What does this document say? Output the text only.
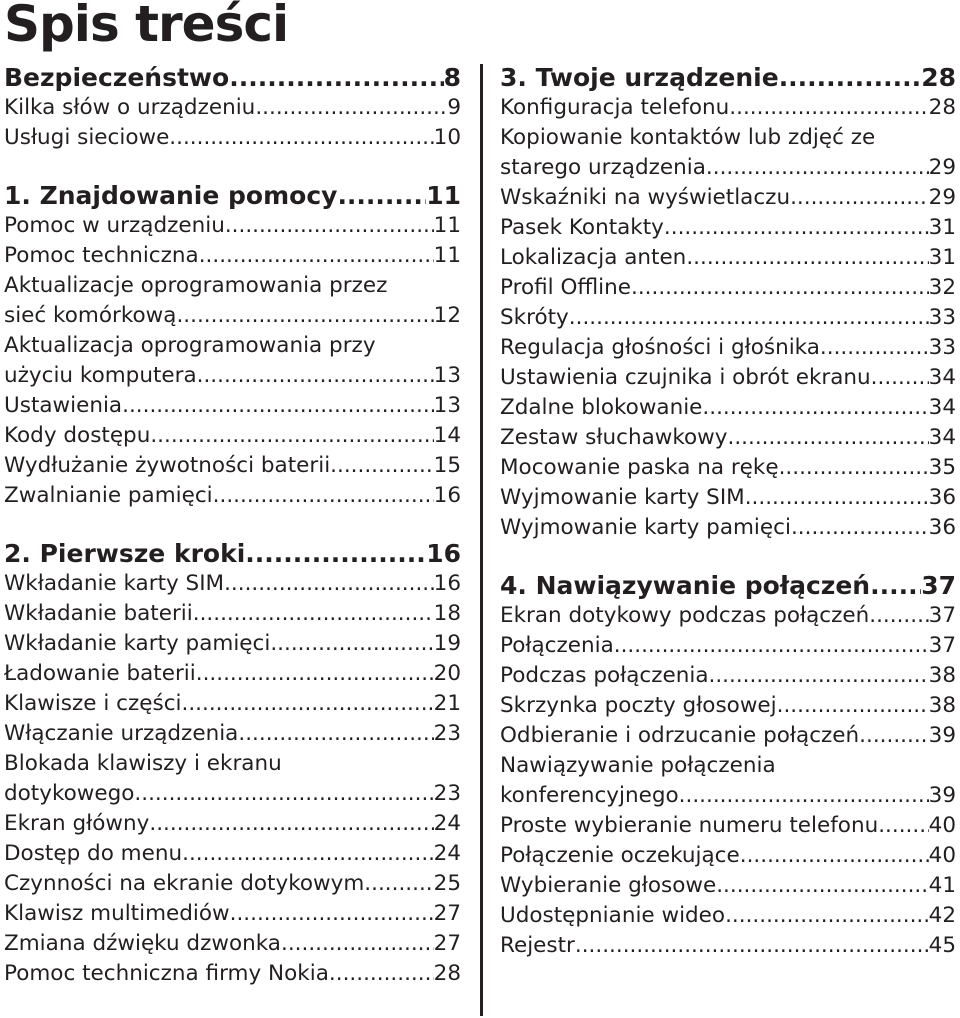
Spis treści
Bezpieczeństwo .....	8
Kilka słów o urządzeniu .....	9
Usługi sieciowe .....	10
1. Znajdowanie pomocy .....	11
Pomoc w urządzeniu .....	11
Pomoc techniczna .....	11
Aktualizacje oprogramowania przez
sieć komórkową .....	12
Aktualizacja oprogramowania przy
użyciu komputera .....	13
Ustawienia .....	13
Kody dostępu .....	14
Wydłużanie żywotności baterii .....	15
Zwalnianie pamięci .....	16
2. Pierwsze kroki .....	16
Wkładanie karty SIM .....	16
Wkładanie baterii .....	18
Wkładanie karty pamięci .....	19
Ładowanie baterii .....	20
Klawisze i części .....	21
Włączanie urządzenia .....	23
Blokada klawiszy i ekranu
dotykowego .....	23
Ekran główny .....	24
Dostęp do menu .....	24
Czynności na ekranie dotykowym .....	25
Klawisz multimediów .....	27
Zmiana dźwięku dzwonka .....	27
Pomoc techniczna firmy Nokia .....	28
3. Twoje urządzenie .....	28
Konfiguracja telefonu .....	28
Kopiowanie kontaktów lub zdjęć ze
starego urządzenia .....	29
Wskaźniki na wyświetlaczu .....	29
Pasek Kontakty .....	31
Lokalizacja anten .....	31
Profil Offline .....	32
Skróty .....	33
Regulacja głośności i głośnika .....	33
Ustawienia czujnika i obrót ekranu .....	34
Zdalne blokowanie .....	34
Zestaw słuchawkowy .....	34
Mocowanie paska na rękę .....	35
Wyjmowanie karty SIM .....	36
Wyjmowanie karty pamięci .....	36
4. Nawiązywanie połączeń ..... 37
Ekran dotykowy podczas połączeń .....	37
Połączenia .....	37
Podczas połączenia .....	38
Skrzynka poczty głosowej .....	38
Odbieranie i odrzucanie połączeń .....	39
Nawiązywanie połączenia
konferencyjnego .....	39
Proste wybieranie numeru telefonu ..... 40
Połączenie oczekujące .....	40
Wybieranie głosowe .....	41
Udostępnianie wideo .....	42
Rejestr .....	45
